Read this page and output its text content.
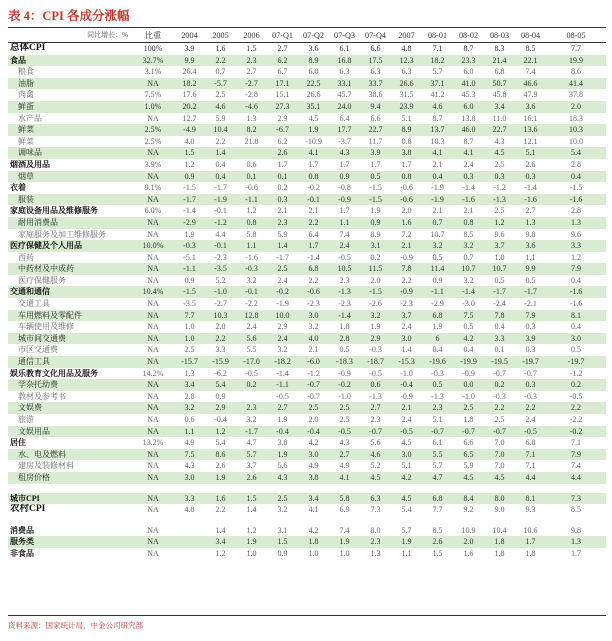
表 4：CPI 各成分涨幅
同比增长：%	比重	2004	2005	2006	07-Q1	07-Q2	07-Q3	07-Q4	2007	08-01	08-02	08-03	08-04	08-05
总体CPI	100%	3.9	1.6	1.5	2.7	3.6	6.1	6.6	4.8	7.1	8.7	8.3	8.5	7.7
食品	32.7%	9.9	2.2	2.3	6.2	8.9	16.8	17.5	12.3	18.2	23.3	21.4	22.1	19.9
粮食	3.1%	26.4	0.7	2.7	6.7	6.0	6.3	6.3	6.3	5.7	6.0	6.8	7.4	8.6
油脂	NA	18.2	-5.7	-2.7	17.1	22.5	33.1	33.7	26.6	37.1	41.0	50.7	46.6	41.4
肉禽	7.5%	17.6	2.5	-2.8	15.1	26.6	45.7	38.6	31.5	41.2	45.3	45.8	47.9	37.8
鲜蛋	1.0%	20.2	4.6	-4.6	27.3	35.1	24.0	9.4	23.9	4.6	6.0	3.4	3.6	2.0
水产品	NA	12.7	5.9	1.3	2.9	4.5	6.4	6.6	5.1	8.7	13.8	11.0	16.1	18.3
鲜菜	2.5%	-4.9	10.4	8.2	-6.7	1.9	17.7	22.7	8.9	13.7	46.0	22.7	13.6	10.3
鲜菜	2.5%	4.0	2.2	21.8	6.2	-10.9	-3.7	11.7	0.8	10.3	8.7	4.3	12.1	10.0
调味品	NA	1.5	1.4		2.6	4.1	4.3	3.9	3.8	4.1	4.1	4.5	5.1	5.4
烟酒及用品	3.9%	1.2	0.4	0.6	1.7	1.7	1.7	1.7	1.7	2.1	2.4	2.5	2.6	2.8
烟草	NA	0.9	0.4	0.1	0.1	0.8	0.9	0.5	0.8	0.4	0.3	0.3	0.3	0.4
衣着	9.1%	-1.5	-1.7	-0.6	0.2	-0.2	-0.8	-1.5	-0.6	-1.9	-1.4	-1.2	-1.4	-1.5
服装	NA	-1.7	-1.9	-1.1	0.3	-0.1	-0.9	-1.5	-0.6	-1.9	-1.6	-1.3	-1.6	-1.6
家庭设备用品及维修服务	6.0%	-1.4	-0.1	1.2	2.1	2.1	1.7	1.9	2.0	2.1	2.1	2.5	2.7	2.8
耐用消费品	NA	-2.9	-1.2	0.8	2.3	2.2	1.1	0.9	1.6	0.7	0.8	1.2	1.3	1.3
家庭服务及加工维修服务	NA	1.9	4.4	5.8	5.9	6.4	7.4	8.9	7.2	10.7	8.5	9.6	9.8	9.6
医疗保健及个人用品	10.0%	-0.3	-0.1	1.1	1.4	1.7	2.4	3.1	2.1	3.2	3.2	3.7	3.6	3.3
西药	NA	-5.1	-2.3	-1.6	-1.7	-1.4	-0.5	0.2	-0.9	0.5	0.7	1.0	1.1	1.2
中药材及中成药	NA	-1.1	-3.5	-0.3	2.5	6.8	10.5	11.5	7.8	11.4	10.7	10.7	9.9	7.9
医疗保健服务	NA	0.9	5.2	3.2	2.4	2.2	2.3	2.0	2.2	0.9	3.2	0.5	0.5	0.4
交通和通信	10.4%	-1.5	-1.0	-0.1	-0.2	-0.6	-1.3	-1.5	-0.9	-1.1	-1.4	-1.7	-1.7	-1.6
交通工具	NA	-3.5	-2.7	-2.2	-1.9	-2.3	-2.3	-2.6	-2.3	-2.9	-3.0	-2.4	-2.1	-1.6
车用燃料及零配件	NA	7.7	10.3	12.8	10.0	3.0	-1.4	3.2	3.7	6.8	7.5	7.8	7.9	8.1
车辆使用及维修	NA	1.0	2.0	2.4	2.9	3.2	1.8	1.9	2.4	1.9	0.5	0.4	0.3	0.4
城市间交通费	NA	1.0	2.2	5.6	2.4	4.0	2.8	2.9	3.0	6	4.2	3.3	3.9	3.0
市区交通费	NA	2.5	3.3	5.5	3.2	2.1	0.5	-0.3	1.4	0.4	0.4	0.1	0.3	0.5
通信工具	NA	-15.7	-15.9	-17.0	-18.2	-6.0	-18.3	-18.7	-15.3	-19.6	-19.9	-19.5	-19.7	-19.7
娱乐教育文化用品及服务	14.2%	1.3	-6.2	-0.5	-1.4	-1.2	-0.9	-0.5	-1.0	-0.3	-0.9	-0.7	-0.7	-1.2
学杂托幼费	NA	3.4	5.4	0.2	-1.1	-0.7	-0.2	0.6	-0.4	0.5	0.0	0.2	0.3	0.2
教材及参考书	NA	2.8	0.9		-0.5	-0.7	-1.0	-1.3	-0.9	-1.3	-1.0	-0.3	-0.3	-0.5
文娱费	NA	3.2	2.9	2.3	2.7	2.5	2.5	2.7	2.1	2.3	2.5	2.2	2.2	2.2
旅游	NA	0.6	-0.4	3.2	1.9	2.0	2.5	2.3	2.4	5.1	1.8	2.5	2.4	-2.2
文娱用品	NA	1.1	1.2	-1.7	-0.4	-0.4	-0.5	-0.7	-0.5	-0.7	-0.7	-0.7	-0.5	-0.2
居住	13.2%	4.9	5.4	4.7	3.8	4.2	4.3	5.6	4.5	6.1	6.6	7.0	6.8	7.1
水、电及燃料	NA	7.5	8.6	5.7	1.9	3.0	2.7	4.6	3.0	5.5	6.5	7.0	7.1	7.9
建房及装修材料	NA	4.3	2.6	3.7	5.6	4.9	4.9	5.2	5.1	5.7	5.9	7.0	7.1	7.4
租房价格	NA	3.0	1.9	2.6	4.3	3.8	4.1	4.5	4.2	4.7	4.5	4.5	4.4	4.4

城市CPI	NA	3.3	1.6	1.5	2.5	3.4	5.8	6.3	4.5	6.8	8.4	8.0	8.1	7.3
农村CPI	NA	4.8	2.2	1.4	3.2	4.1	6.9	7.3	5.4	7.7	9.2	9.0	9.3	8.5

消费品	NA		1.4	1.2	3.1	4.2	7.4	8.0	5.7	8.5	10.9	10.4	10.6	9.8
服务类	NA		3.4	1.9	1.5	1.8	1.9	2.3	1.9	2.6	2.0	1.8	1.7	1.3
非食品	NA		1.2	1.0	0.9	1.0	1.0	1.3	1.1	1.5	1.6	1.8	1.8	1.7
资料来源：国家统计局，中金公司研究部
